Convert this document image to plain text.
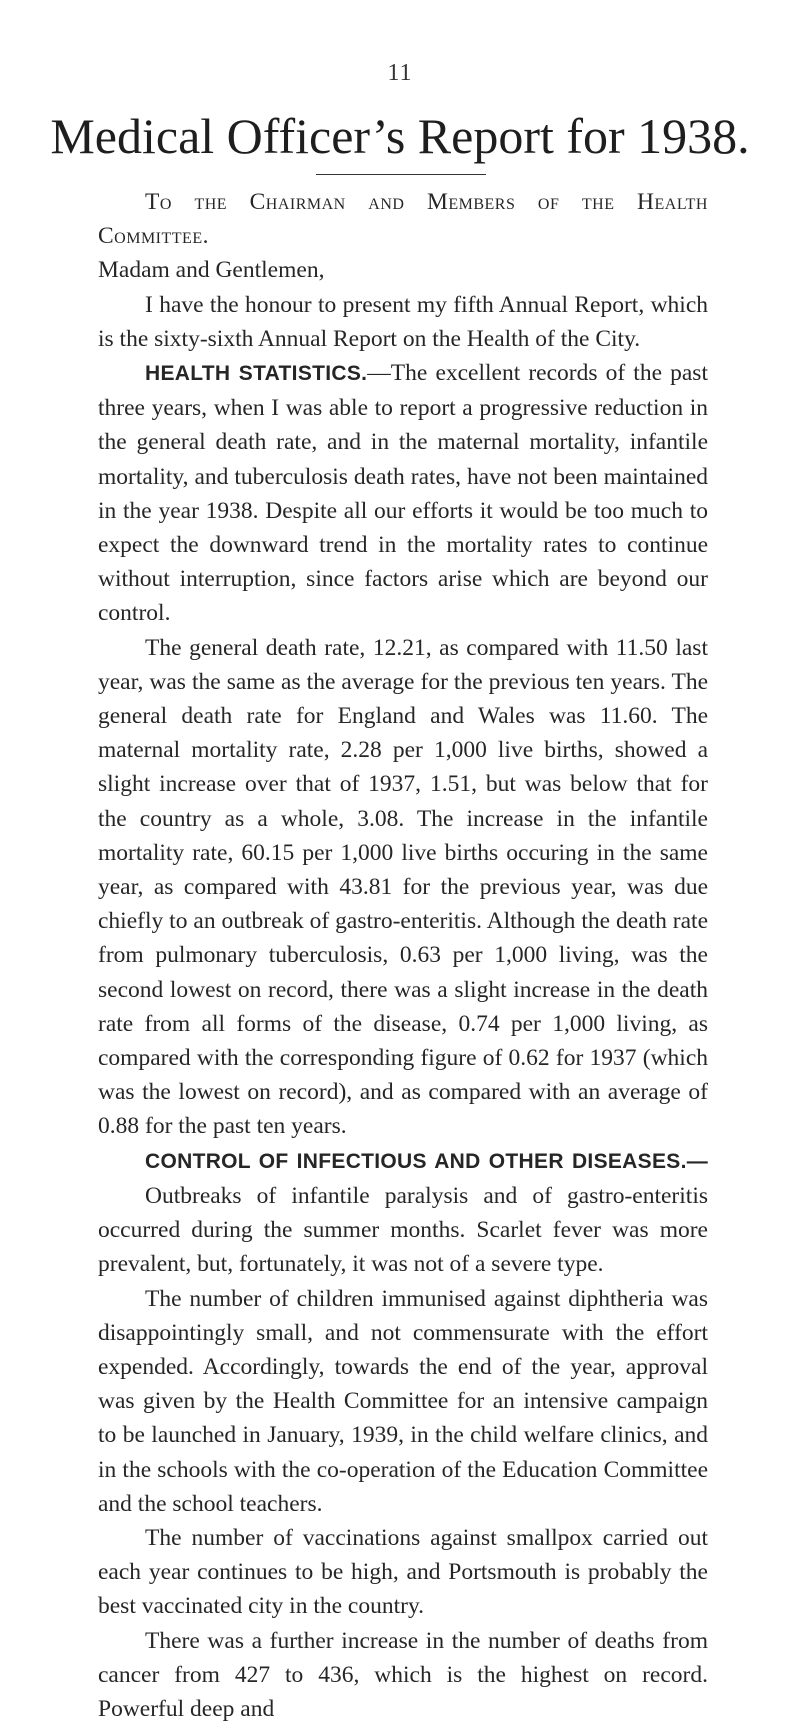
11
Medical Officer’s Report for 1938.

To the Chairman and Members of the Health Committee.

Madam and Gentlemen,

I have the honour to present my fifth Annual Report, which is the sixty-sixth Annual Report on the Health of the City.

HEALTH STATISTICS.—The excellent records of the past three years, when I was able to report a progressive reduction in the general death rate, and in the maternal mortality, infantile mortality, and tuberculosis death rates, have not been maintained in the year 1938. Despite all our efforts it would be too much to expect the downward trend in the mortality rates to continue without interruption, since factors arise which are beyond our control.

The general death rate, 12.21, as compared with 11.50 last year, was the same as the average for the previous ten years. The general death rate for England and Wales was 11.60. The maternal mortality rate, 2.28 per 1,000 live births, showed a slight increase over that of 1937, 1.51, but was below that for the country as a whole, 3.08. The increase in the infantile mortality rate, 60.15 per 1,000 live births occuring in the same year, as compared with 43.81 for the previous year, was due chiefly to an outbreak of gastro-enteritis. Although the death rate from pulmonary tuberculosis, 0.63 per 1,000 living, was the second lowest on record, there was a slight increase in the death rate from all forms of the disease, 0.74 per 1,000 living, as compared with the corresponding figure of 0.62 for 1937 (which was the lowest on record), and as compared with an average of 0.88 for the past ten years.

CONTROL OF INFECTIOUS AND OTHER DISEASES.—

Outbreaks of infantile paralysis and of gastro-enteritis occurred during the summer months. Scarlet fever was more prevalent, but, fortunately, it was not of a severe type.

The number of children immunised against diphtheria was disappointingly small, and not commensurate with the effort expended. Accordingly, towards the end of the year, approval was given by the Health Committee for an intensive campaign to be launched in January, 1939, in the child welfare clinics, and in the schools with the co-operation of the Education Committee and the school teachers.

The number of vaccinations against smallpox carried out each year continues to be high, and Portsmouth is probably the best vaccinated city in the country.

There was a further increase in the number of deaths from cancer from 427 to 436, which is the highest on record. Powerful deep and
